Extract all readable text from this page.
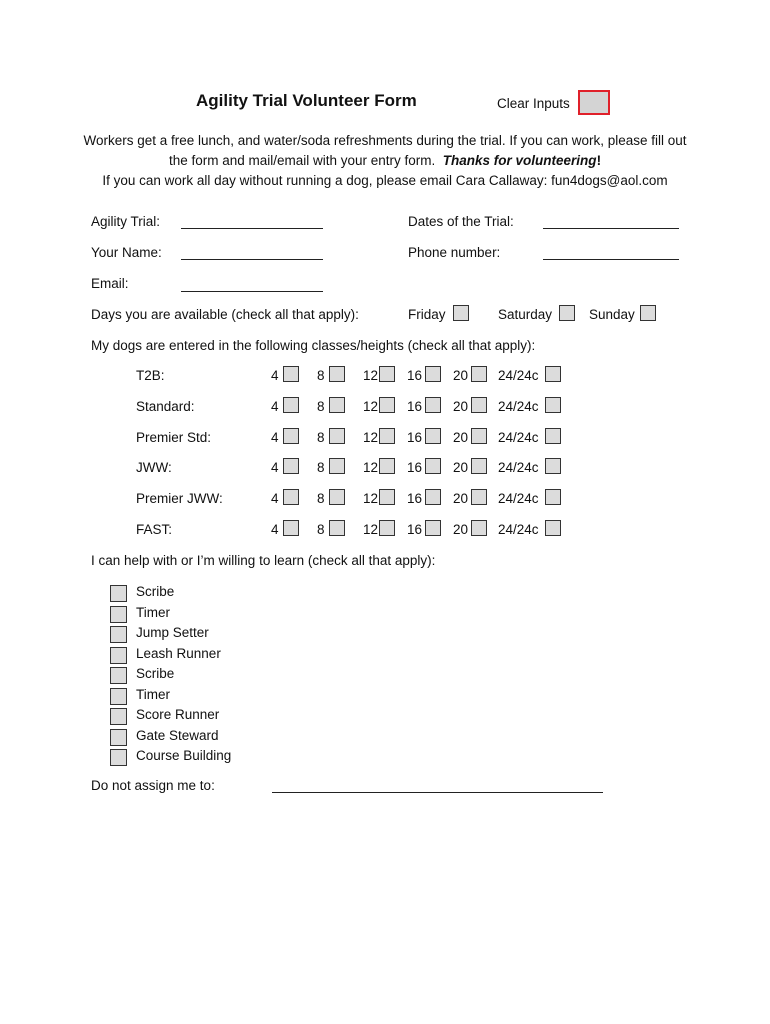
Agility Trial Volunteer Form	Clear Inputs
Workers get a free lunch, and water/soda refreshments during the trial. If you can work, please fill out
the form and mail/email with your entry form.  Thanks for volunteering!
If you can work all day without running a dog, please email Cara Callaway: fun4dogs@aol.com
Agility Trial:	Dates of the Trial:
Your Name:	Phone number:
Email:
Days you are available (check all that apply):	Friday	Saturday	Sunday
My dogs are entered in the following classes/heights (check all that apply):
T2B:	4	8	12 16 20 24/24c
Standard:	4	8	12 16 20 24/24c
Premier Std:	4	8	12 16 20 24/24c
JWW:	4	8	12 16 20 24/24c
Premier JWW:	4	8	12 16 20 24/24c
FAST:	4	8	12 16 20 24/24c
I can help with or I’m willing to learn (check all that apply):
Scribe
Timer
Jump Setter
Leash Runner
Scribe
Timer
Score Runner
Gate Steward
Course Building
Do not assign me to:
